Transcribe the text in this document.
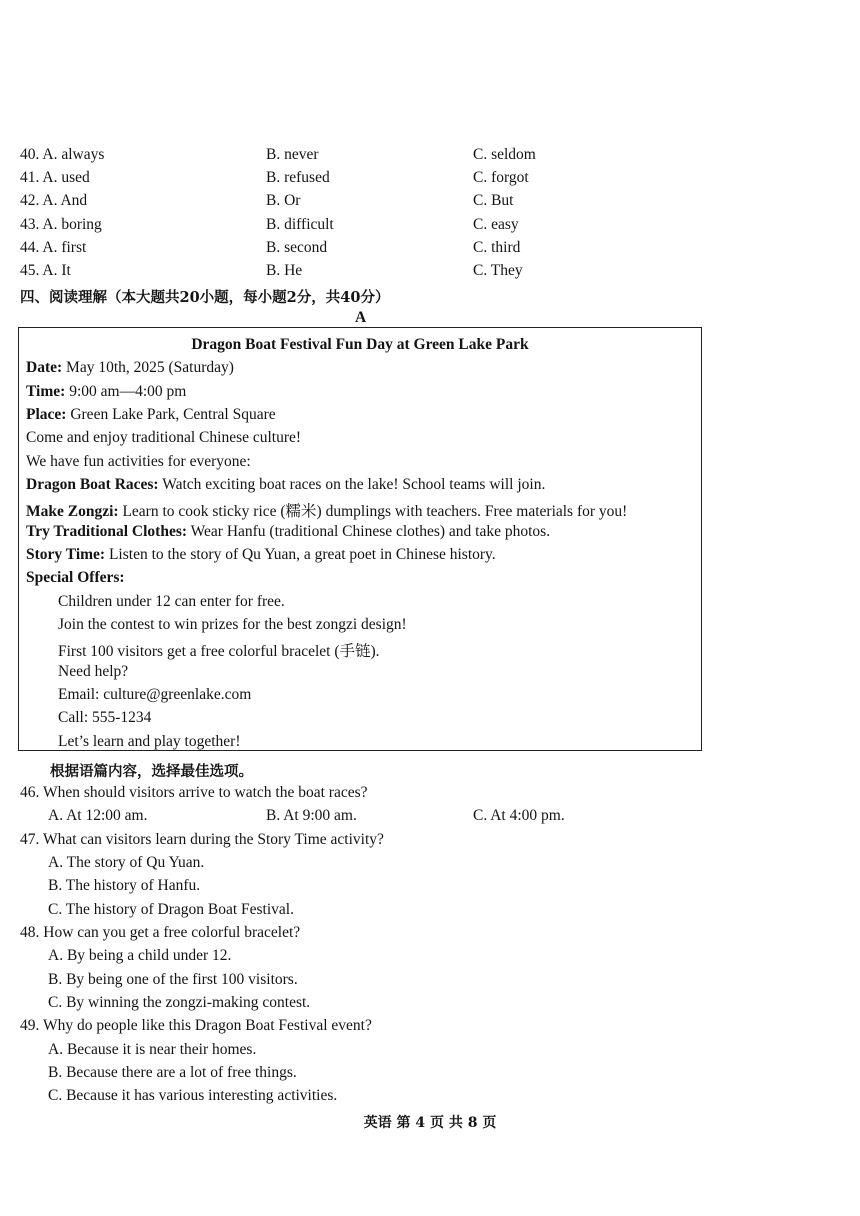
40. A. always	B. never	C. seldom
41. A. used	B. refused	C. forgot
42. A. And	B. Or	C. But
43. A. boring	B. difficult	C. easy
44. A. first	B. second	C. third
45. A. It	B. He	C. They
四、阅读理解（本大题共20小题，每小题2分，共40分）
A
Dragon Boat Festival Fun Day at Green Lake Park
Date: May 10th, 2025 (Saturday)
Time: 9:00 am—4:00 pm
Place: Green Lake Park, Central Square
Come and enjoy traditional Chinese culture!
We have fun activities for everyone:
Dragon Boat Races: Watch exciting boat races on the lake! School teams will join.
Make Zongzi: Learn to cook sticky rice (糯米) dumplings with teachers. Free materials for you!
Try Traditional Clothes: Wear Hanfu (traditional Chinese clothes) and take photos.
Story Time: Listen to the story of Qu Yuan, a great poet in Chinese history.
Special Offers:
Children under 12 can enter for free.
Join the contest to win prizes for the best zongzi design!
First 100 visitors get a free colorful bracelet (手链).
Need help?
Email: culture@greenlake.com
Call: 555-1234
Let’s learn and play together!
根据语篇内容，选择最佳选项。
46. When should visitors arrive to watch the boat races?
A. At 12:00 am.	B. At 9:00 am.	C. At 4:00 pm.
47. What can visitors learn during the Story Time activity?
A. The story of Qu Yuan.
B. The history of Hanfu.
C. The history of Dragon Boat Festival.
48. How can you get a free colorful bracelet?
A. By being a child under 12.
B. By being one of the first 100 visitors.
C. By winning the zongzi-making contest.
49. Why do people like this Dragon Boat Festival event?
A. Because it is near their homes.
B. Because there are a lot of free things.
C. Because it has various interesting activities.
英语 第 4 页 共 8 页
